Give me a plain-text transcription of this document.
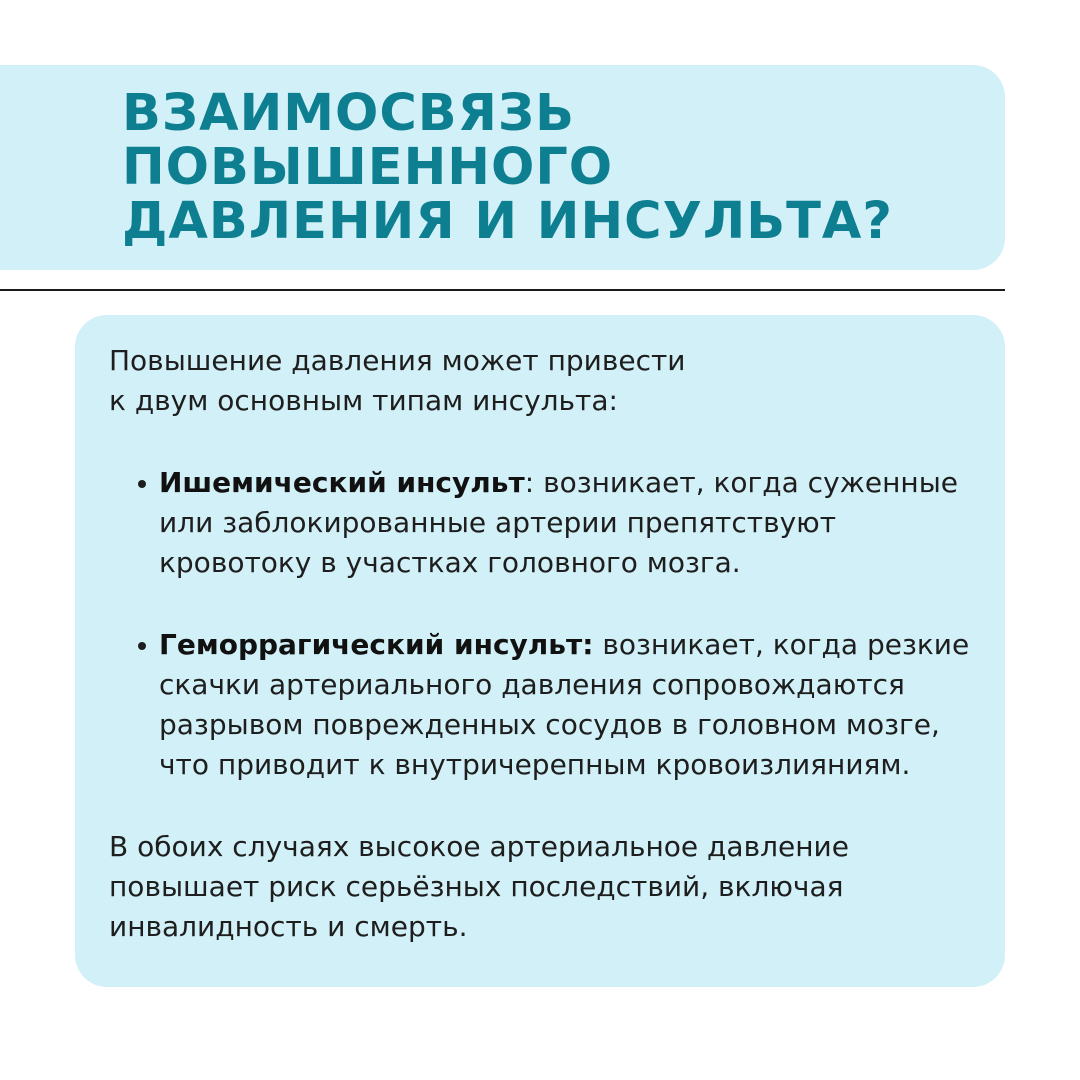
ВЗАИМОСВЯЗЬ
ПОВЫШЕННОГО
ДАВЛЕНИЯ И ИНСУЛЬТА?

Повышение давления может привести
к двум основным типам инсульта:

Ишемический инсульт: возникает, когда суженные
или заблокированные артерии препятствуют
кровотоку в участках головного мозга.
Геморрагический инсульт: возникает, когда резкие
скачки артериального давления сопровождаются
разрывом поврежденных сосудов в головном мозге,
что приводит к внутричерепным кровоизлияниям.

В обоих случаях высокое артериальное давление
повышает риск серьёзных последствий, включая
инвалидность и смерть.
